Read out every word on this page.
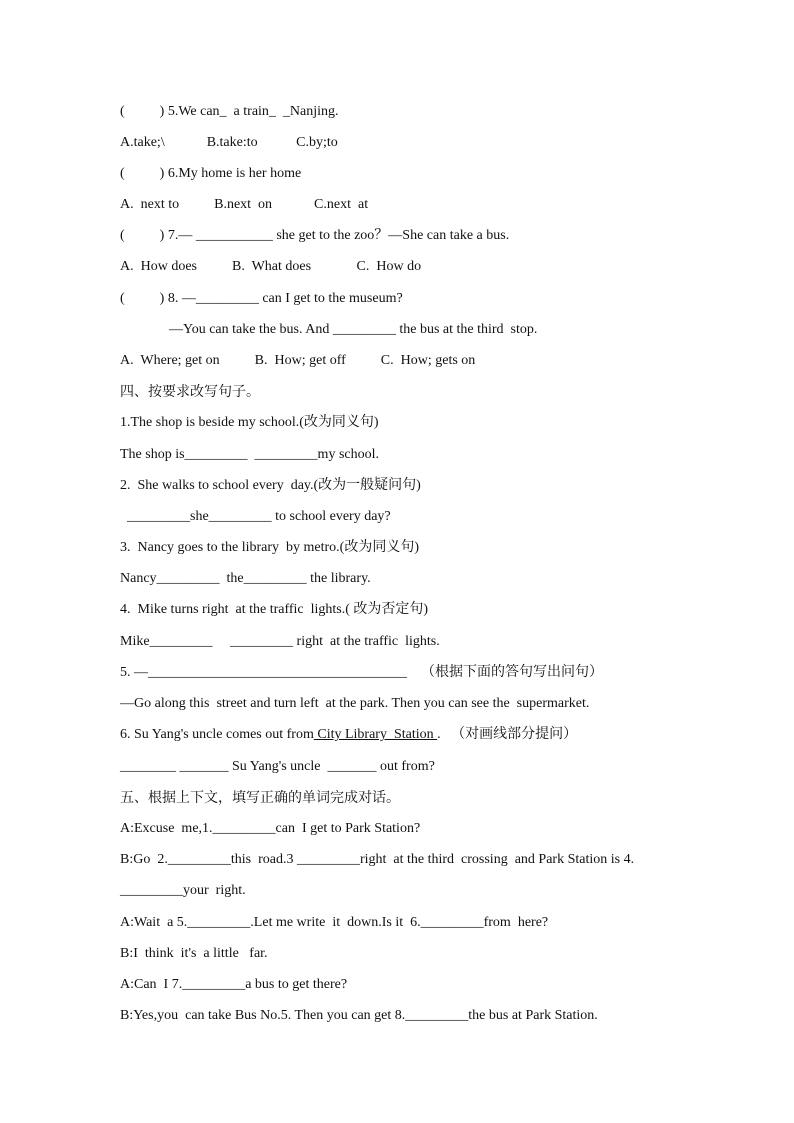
(          ) 5.We can_  a train_  _Nanjing.
A.take;\            B.take:to           C.by;to
(          ) 6.My home is her home
A.  next to          B.next  on            C.next  at
(          ) 7.— ___________ she get to the zoo？—She can take a bus.
A.  How does          B.  What does             C.  How do
(          ) 8. —_________ can I get to the museum?
—You can take the bus. And _________ the bus at the third  stop.
A.  Where; get on          B.  How; get off          C.  How; gets on
四、按要求改写句子。
1.The shop is beside my school.(改为同义句)
The shop is_________  _________my school.
2.  She walks to school every  day.(改为一般疑问句)
_________she_________ to school every day?
3.  Nancy goes to the library  by metro.(改为同义句)
Nancy_________  the_________ the library.
4.  Mike turns right  at the traffic  lights.( 改为否定句)
Mike_________     _________ right  at the traffic  lights.
5. —_____________________________________    （根据下面的答句写出问句）
—Go along this  street and turn left  at the park. Then you can see the  supermarket.
6. Su Yang's uncle comes out from City Library  Station .   （对画线部分提问）
________ _______ Su Yang's uncle  _______ out from?
五、根据上下文，填写正确的单词完成对话。
A:Excuse  me,1._________can  I get to Park Station?
B:Go  2._________this  road.3 _________right  at the third  crossing  and Park Station is 4.
_________your  right.
A:Wait  a 5._________.Let me write  it  down.Is it  6._________from  here?
B:I  think  it's  a little   far.
A:Can  I 7._________a bus to get there?
B:Yes,you  can take Bus No.5. Then you can get 8._________the bus at Park Station.
